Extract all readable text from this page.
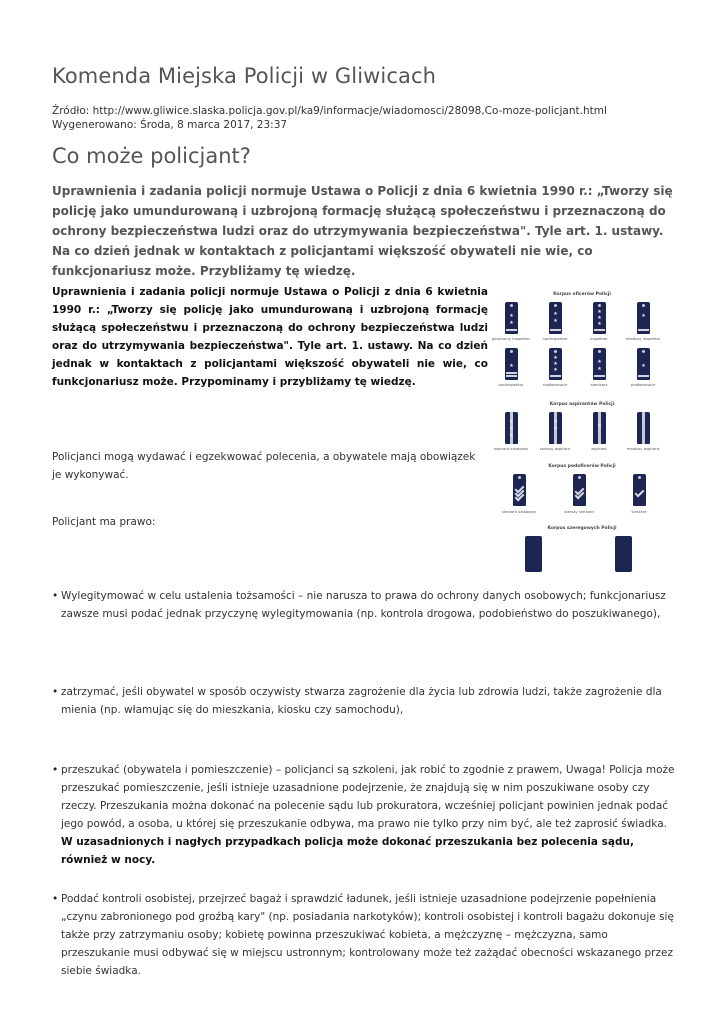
Komenda Miejska Policji w Gliwicach
Źródło: http://www.gliwice.slaska.policja.gov.pl/ka9/informacje/wiadomosci/28098,Co-moze-policjant.html
Wygenerowano: Środa, 8 marca 2017, 23:37
Co może policjant?

Uprawnienia i zadania policji normuje Ustawa o Policji z dnia 6 kwietnia 1990 r.: „Tworzy się policję jako umundurowaną i uzbrojoną formację służącą społeczeństwu i przeznaczoną do ochrony bezpieczeństwa ludzi oraz do utrzymywania bezpieczeństwa". Tyle art. 1. ustawy. Na co dzień jednak w kontaktach z policjantami większość obywateli nie wie, co funkcjonariusz może. Przybliżamy tę wiedzę.

Uprawnienia i zadania policji normuje Ustawa o Policji z dnia 6 kwietnia 1990 r.: „Tworzy się policję jako umundurowaną i uzbrojoną formację służącą społeczeństwu i przeznaczoną do ochrony bezpieczeństwa ludzi oraz do utrzymywania bezpieczeństwa". Tyle art. 1. ustawy. Na co dzień jednak w kontaktach z policjantami większość obywateli nie wie, co funkcjonariusz może. Przypominamy i przybliżamy tę wiedzę.

Policjanci mogą wydawać i egzekwować polecenia, a obywatele mają obowiązek je wykonywać.

Policjant ma prawo:

• Wylegitymować w celu ustalenia tożsamości – nie narusza to prawa do ochrony danych osobowych; funkcjonariusz zawsze musi podać jednak przyczynę wylegitymowania (np. kontrola drogowa, podobieństwo do poszukiwanego),
• zatrzymać, jeśli obywatel w sposób oczywisty stwarza zagrożenie dla życia lub zdrowia ludzi, także zagrożenie dla mienia (np. włamując się do mieszkania, kiosku czy samochodu),
• przeszukać (obywatela i pomieszczenie) – policjanci są szkoleni, jak robić to zgodnie z prawem, Uwaga! Policja może przeszukać pomieszczenie, jeśli istnieje uzasadnione podejrzenie, że znajdują się w nim poszukiwane osoby czy rzeczy. Przeszukania można dokonać na polecenie sądu lub prokuratora, wcześniej policjant powinien jednak podać jego powód, a osoba, u której się przeszukanie odbywa, ma prawo nie tylko przy nim być, ale też zaprosić świadka. W uzasadnionych i nagłych przypadkach policja może dokonać przeszukania bez polecenia sądu, również w nocy.
• Poddać kontroli osobistej, przejrzeć bagaż i sprawdzić ładunek, jeśli istnieje uzasadnione podejrzenie popełnienia „czynu zabronionego pod groźbą kary" (np. posiadania narkotyków); kontroli osobistej i kontroli bagażu dokonuje się także przy zatrzymaniu osoby; kobietę powinna przeszukiwać kobieta, a mężczyznę – mężczyzna, samo przeszukanie musi odbywać się w miejscu ustronnym; kontrolowany może też zażądać obecności wskazanego przez siebie świadka.
Korpus oficerów Policji
★
★
★
★
★
★
★
★
generalny inspektor	nadinspektor	inspektor	młodszy inspektor
★
★
★
★
★
★	★
podinspektor	nadkomisarz	komisarz	podkomisarz
Korpus aspirantów Policji
★
★
★
★
★	★
aspirant sztabowy	starszy aspirant	aspirant	młodszy aspirant
Korpus podoficerów Policji
sierżant sztabowy	starszy sierżant	sierżant
Korpus szeregowych Policji
